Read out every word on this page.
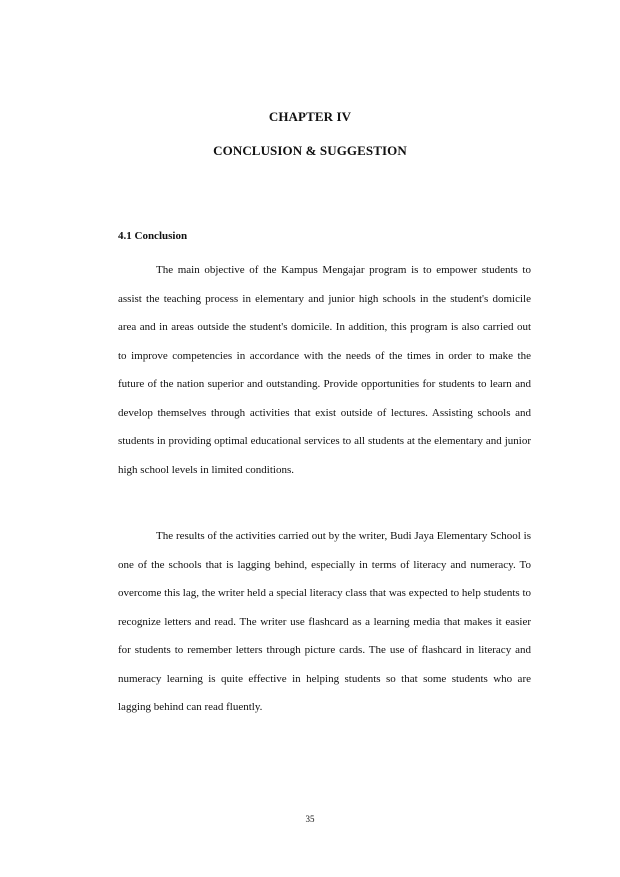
CHAPTER IV
CONCLUSION & SUGGESTION
4.1 Conclusion
The main objective of the Kampus Mengajar program is to empower students to assist the teaching process in elementary and junior high schools in the student's domicile area and in areas outside the student's domicile. In addition, this program is also carried out to improve competencies in accordance with the needs of the times in order to make the future of the nation superior and outstanding. Provide opportunities for students to learn and develop themselves through activities that exist outside of lectures. Assisting schools and students in providing optimal educational services to all students at the elementary and junior high school levels in limited conditions.
The results of the activities carried out by the writer, Budi Jaya Elementary School is one of the schools that is lagging behind, especially in terms of literacy and numeracy. To overcome this lag, the writer held a special literacy class that was expected to help students to recognize letters and read. The writer use flashcard as a learning media that makes it easier for students to remember letters through picture cards. The use of flashcard in literacy and numeracy learning is quite effective in helping students so that some students who are lagging behind can read fluently.
35
